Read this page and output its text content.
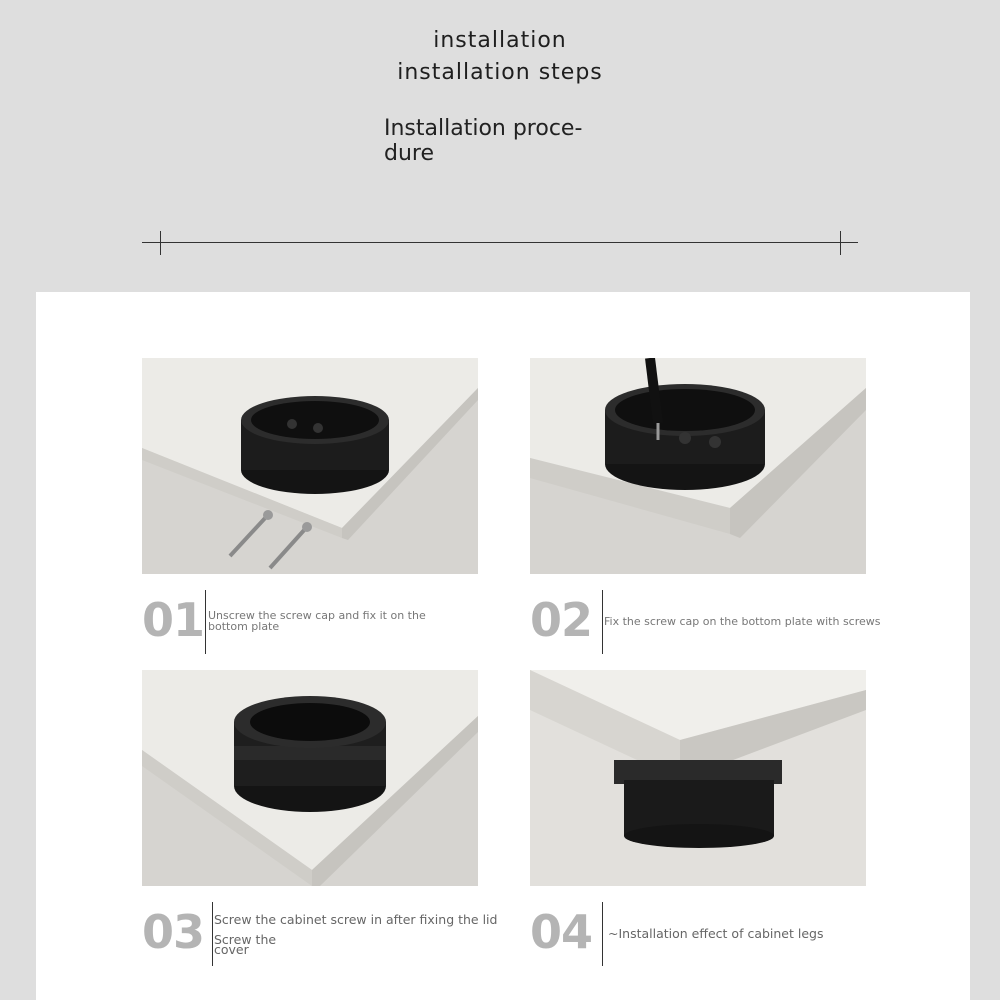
installation
installation steps
Installation proce- dure
01 Unscrew the screw cap and fix it on the bottom plate	02 Fix the screw cap on the bottom plate with screws
03 Screw the cabinet screw in after fixing the lid
Screw the cover	04 ~Installation effect of cabinet legs
